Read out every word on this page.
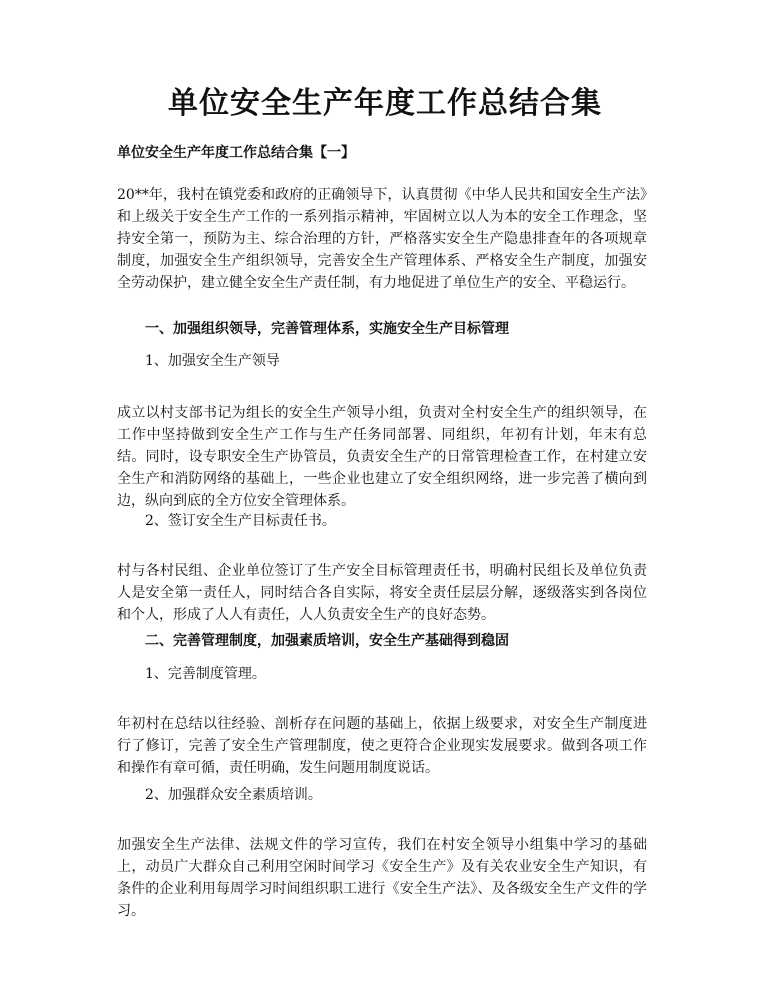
单位安全生产年度工作总结合集

单位安全生产年度工作总结合集【一】

20**年，我村在镇党委和政府的正确领导下，认真贯彻《中华人民共和国安全生产法》和上级关于安全生产工作的一系列指示精神，牢固树立以人为本的安全工作理念，坚持安全第一，预防为主、综合治理的方针，严格落实安全生产隐患排查年的各项规章制度，加强安全生产组织领导，完善安全生产管理体系、严格安全生产制度，加强安全劳动保护，建立健全安全生产责任制，有力地促进了单位生产的安全、平稳运行。

一、加强组织领导，完善管理体系，实施安全生产目标管理

1、加强安全生产领导

成立以村支部书记为组长的安全生产领导小组，负责对全村安全生产的组织领导，在工作中坚持做到安全生产工作与生产任务同部署、同组织，年初有计划，年末有总结。同时，设专职安全生产协管员，负责安全生产的日常管理检查工作，在村建立安全生产和消防网络的基础上，一些企业也建立了安全组织网络，进一步完善了横向到边，纵向到底的全方位安全管理体系。

2、签订安全生产目标责任书。

村与各村民组、企业单位签订了生产安全目标管理责任书，明确村民组长及单位负责人是安全第一责任人，同时结合各自实际，将安全责任层层分解，逐级落实到各岗位和个人，形成了人人有责任，人人负责安全生产的良好态势。

二、完善管理制度，加强素质培训，安全生产基础得到稳固

1、完善制度管理。

年初村在总结以往经验、剖析存在问题的基础上，依据上级要求，对安全生产制度进行了修订，完善了安全生产管理制度，使之更符合企业现实发展要求。做到各项工作和操作有章可循，责任明确，发生问题用制度说话。

2、加强群众安全素质培训。

加强安全生产法律、法规文件的学习宣传，我们在村安全领导小组集中学习的基础上，动员广大群众自己利用空闲时间学习《安全生产》及有关农业安全生产知识，有条件的企业利用每周学习时间组织职工进行《安全生产法》、及各级安全生产文件的学习。
